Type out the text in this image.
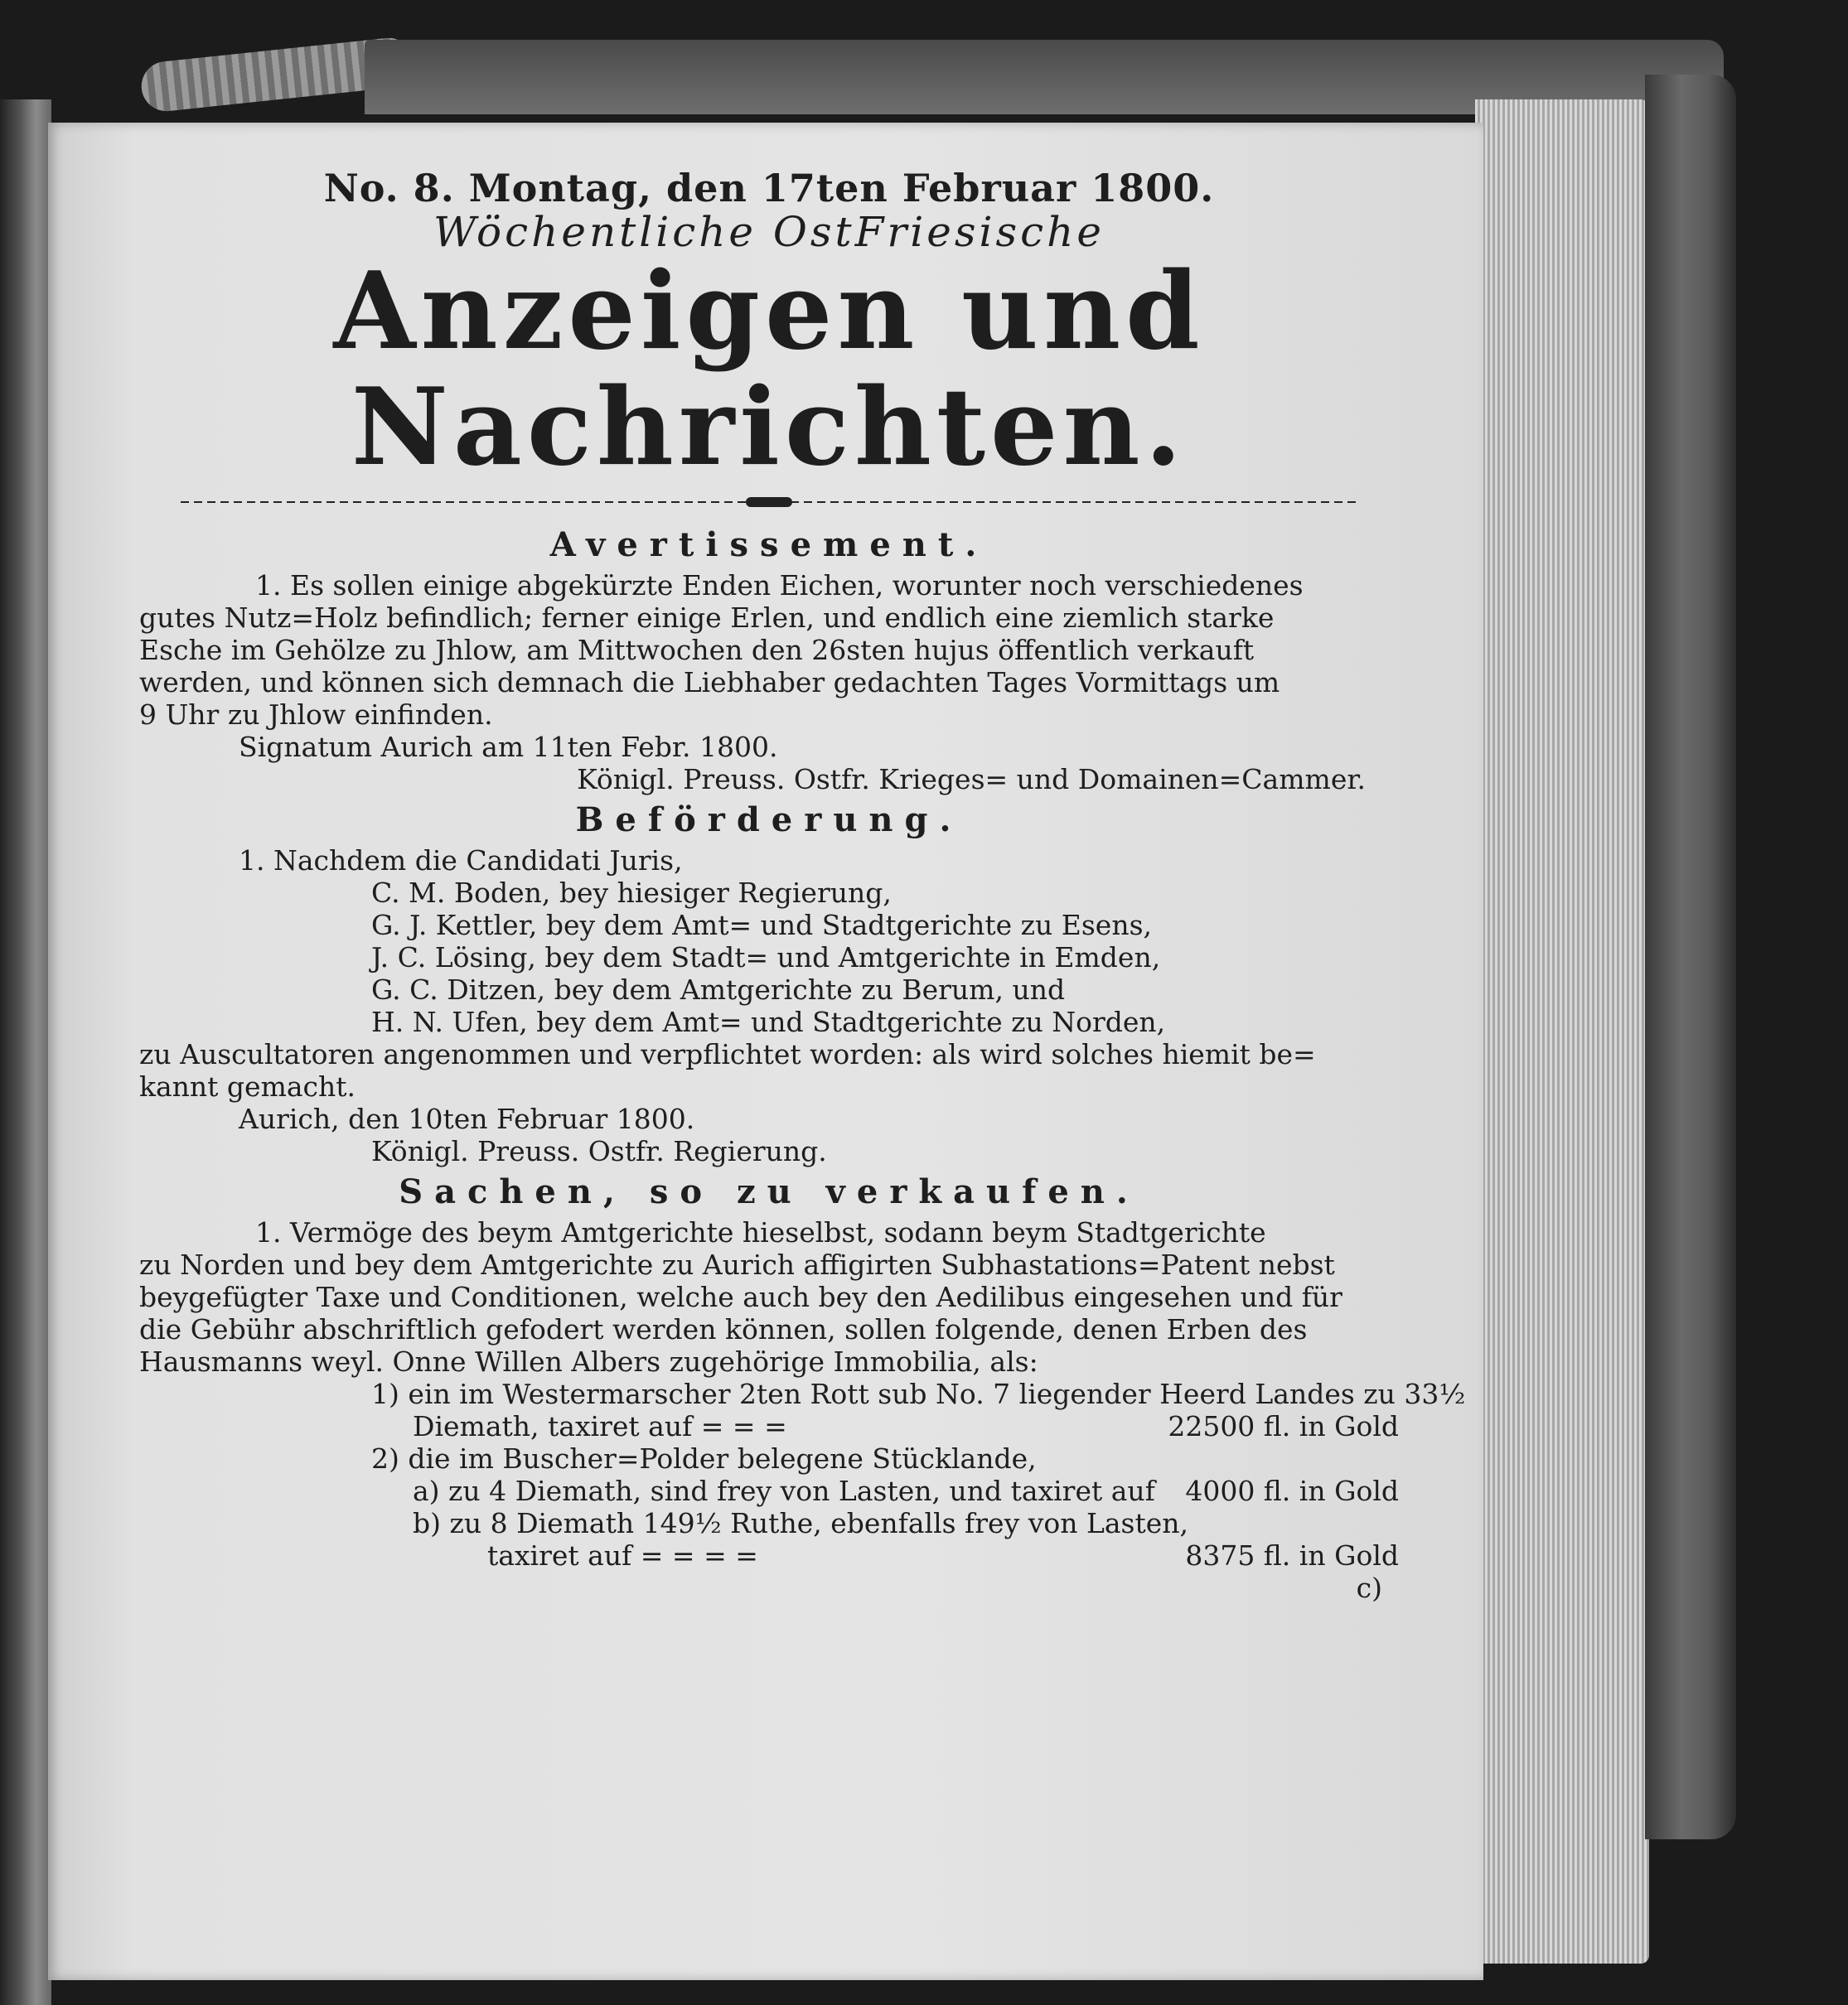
No. 8. Montag, den 17ten Februar 1800.
Wöchentliche OstFriesische
Anzeigen und Nachrichten.
Avertissement.
1. Es sollen einige abgekürzte Enden Eichen, worunter noch verschiedenes
gutes Nutz=Holz befindlich; ferner einige Erlen, und endlich eine ziemlich starke
Esche im Gehölze zu Jhlow, am Mittwochen den 26sten hujus öffentlich verkauft
werden, und können sich demnach die Liebhaber gedachten Tages Vormittags um
9 Uhr zu Jhlow einfinden.
Signatum Aurich am 11ten Febr. 1800.
Königl. Preuss. Ostfr. Krieges= und Domainen=Cammer.
Beförderung.
1. Nachdem die Candidati Juris,
C. M. Boden, bey hiesiger Regierung,
G. J. Kettler, bey dem Amt= und Stadtgerichte zu Esens,
J. C. Lösing, bey dem Stadt= und Amtgerichte in Emden,
G. C. Ditzen, bey dem Amtgerichte zu Berum, und
H. N. Ufen, bey dem Amt= und Stadtgerichte zu Norden,
zu Auscultatoren angenommen und verpflichtet worden: als wird solches hiemit be=
kannt gemacht.
Aurich, den 10ten Februar 1800.
Königl. Preuss. Ostfr. Regierung.
Sachen, so zu verkaufen.
1. Vermöge des beym Amtgerichte hieselbst, sodann beym Stadtgerichte
zu Norden und bey dem Amtgerichte zu Aurich affigirten Subhastations=Patent nebst
beygefügter Taxe und Conditionen, welche auch bey den Aedilibus eingesehen und für
die Gebühr abschriftlich gefodert werden können, sollen folgende, denen Erben des
Hausmanns weyl. Onne Willen Albers zugehörige Immobilia, als:
1) ein im Westermarscher 2ten Rott sub No. 7 liegender Heerd Landes zu 33½
Diemath, taxiret auf = = =	22500 fl. in Gold
2) die im Buscher=Polder belegene Stücklande,
a) zu 4 Diemath, sind frey von Lasten, und taxiret auf 4000 fl. in Gold
b) zu 8 Diemath 149½ Ruthe, ebenfalls frey von Lasten,
taxiret auf = = = =	8375 fl. in Gold
c)
